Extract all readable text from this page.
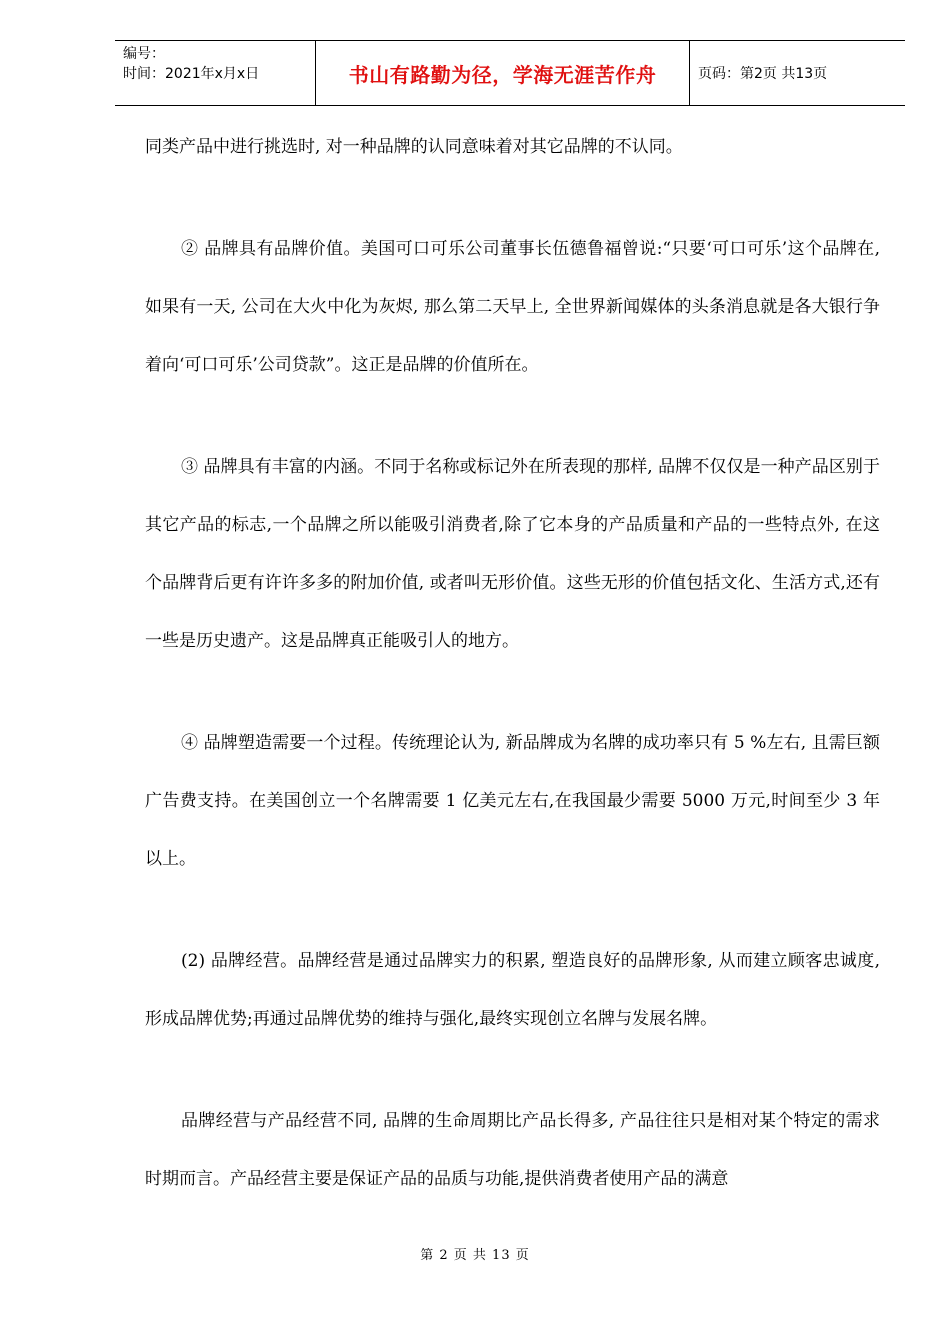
编号：
时间：2021年x月x日	书山有路勤为径，学海无涯苦作舟	页码：第2页 共13页

同类产品中进行挑选时, 对一种品牌的认同意味着对其它品牌的不认同。

② 品牌具有品牌价值。美国可口可乐公司董事长伍德鲁福曾说:“只要‘可口可乐’这个品牌在, 如果有一天, 公司在大火中化为灰烬, 那么第二天早上, 全世界新闻媒体的头条消息就是各大银行争着向‘可口可乐’公司贷款”。这正是品牌的价值所在。

③ 品牌具有丰富的内涵。不同于名称或标记外在所表现的那样, 品牌不仅仅是一种产品区别于其它产品的标志,一个品牌之所以能吸引消费者,除了它本身的产品质量和产品的一些特点外, 在这个品牌背后更有许许多多的附加价值, 或者叫无形价值。这些无形的价值包括文化、生活方式,还有一些是历史遗产。这是品牌真正能吸引人的地方。

④ 品牌塑造需要一个过程。传统理论认为, 新品牌成为名牌的成功率只有 5 %左右, 且需巨额广告费支持。在美国创立一个名牌需要 1 亿美元左右,在我国最少需要 5000 万元,时间至少 3 年以上。

(2) 品牌经营。品牌经营是通过品牌实力的积累, 塑造良好的品牌形象, 从而建立顾客忠诚度, 形成品牌优势;再通过品牌优势的维持与强化,最终实现创立名牌与发展名牌。

品牌经营与产品经营不同, 品牌的生命周期比产品长得多, 产品往往只是相对某个特定的需求时期而言。产品经营主要是保证产品的品质与功能,提供消费者使用产品的满意

第 2 页 共 13 页
